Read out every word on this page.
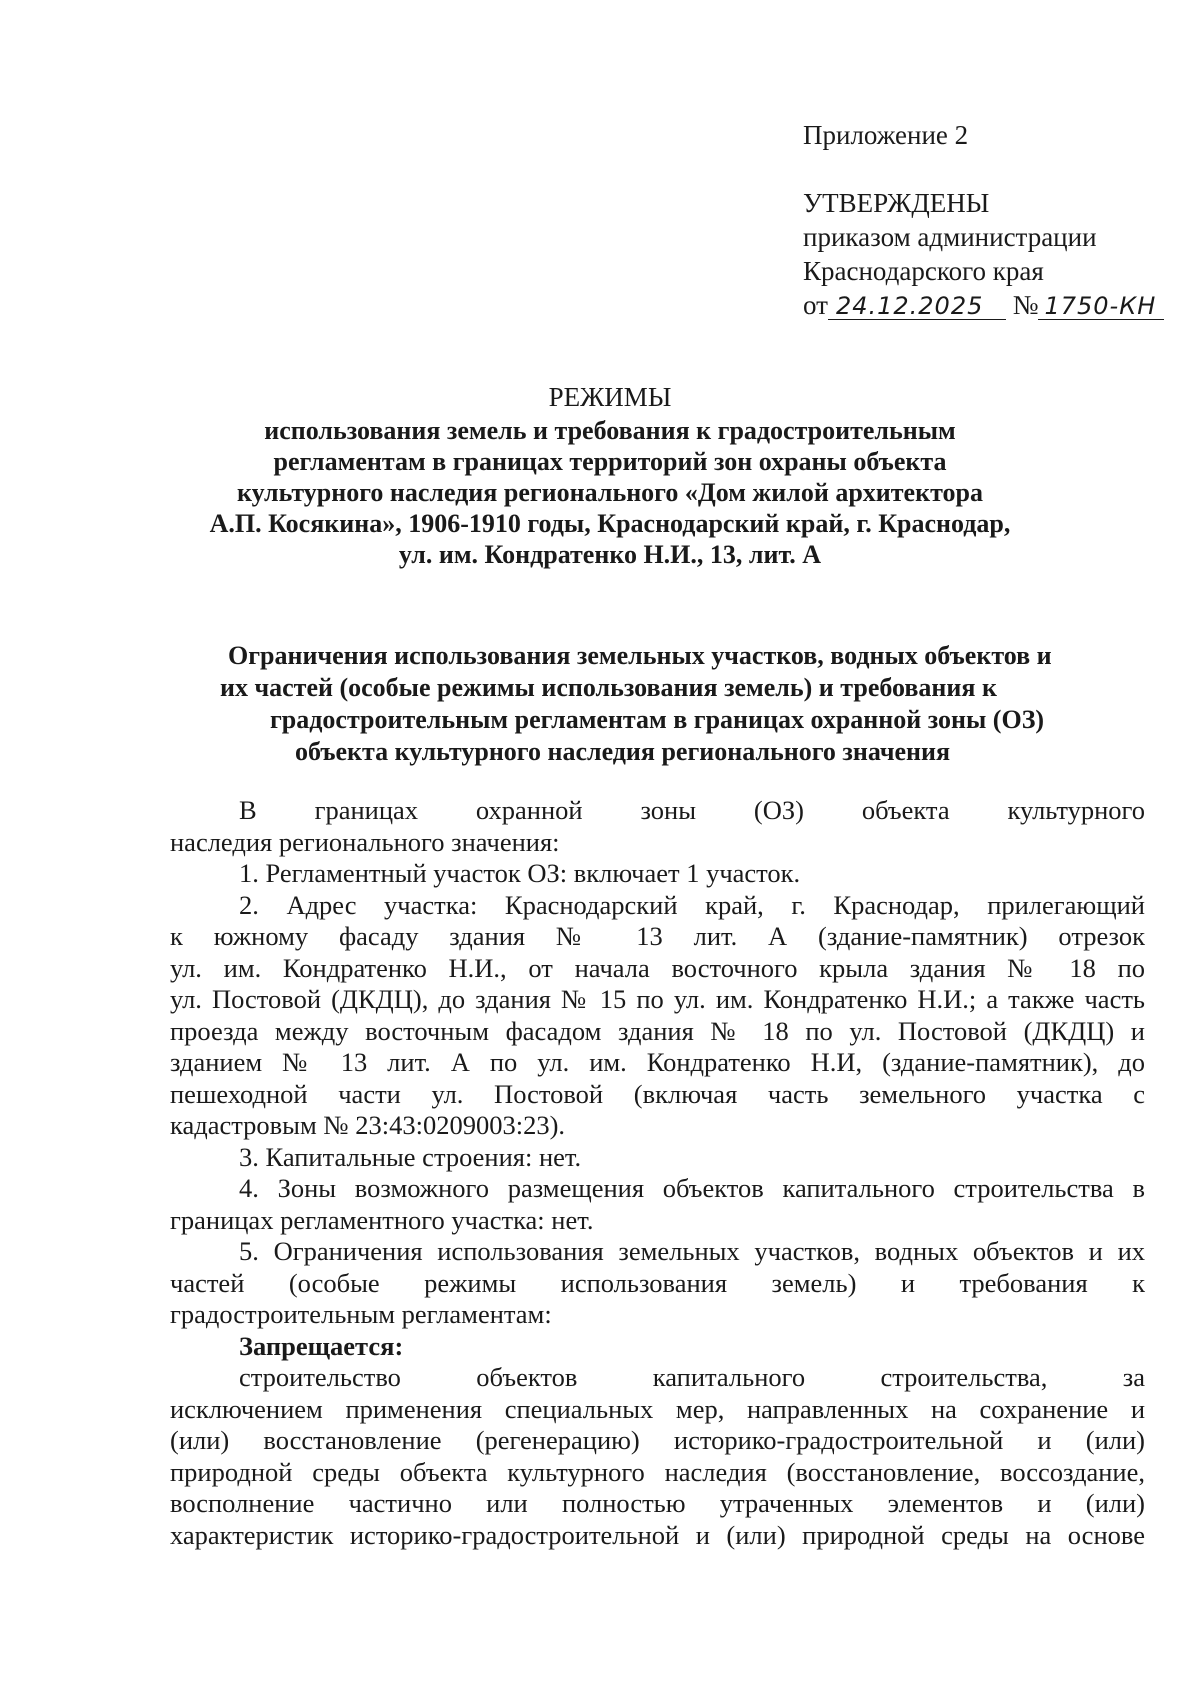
Приложение 2
УТВЕРЖДЕНЫ
приказом администрации
Краснодарского края
от 24.12.2025 № 1750-КН
РЕЖИМЫ
использования земель и требования к градостроительным
регламентам в границах территорий зон охраны объекта
культурного наследия регионального «Дом жилой архитектора
А.П. Косякина», 1906-1910 годы, Краснодарский край, г. Краснодар,
ул. им. Кондратенко Н.И., 13, лит. А
Ограничения использования земельных участков, водных объектов и
их частей (особые режимы использования земель) и требования к
градостроительным регламентам в границах охранной зоны (ОЗ)
объекта культурного наследия регионального значения
В границах охранной зоны (ОЗ) объекта культурного
наследия регионального значения:
1. Регламентный участок ОЗ: включает 1 участок.
2. Адрес участка: Краснодарский край, г. Краснодар, прилегающий
к южному фасаду здания № 13 лит. А (здание-памятник) отрезок
ул. им. Кондратенко Н.И., от начала восточного крыла здания № 18 по
ул. Постовой (ДКДЦ), до здания № 15 по ул. им. Кондратенко Н.И.; а также часть
проезда между восточным фасадом здания № 18 по ул. Постовой (ДКДЦ) и
зданием № 13 лит. А по ул. им. Кондратенко Н.И, (здание-памятник), до
пешеходной части ул. Постовой (включая часть земельного участка с
кадастровым № 23:43:0209003:23).
3. Капитальные строения: нет.
4. Зоны возможного размещения объектов капитального строительства в
границах регламентного участка: нет.
5. Ограничения использования земельных участков, водных объектов и их
частей (особые режимы использования земель) и требования к
градостроительным регламентам:
Запрещается:
строительство объектов капитального строительства, за
исключением применения специальных мер, направленных на сохранение и
(или) восстановление (регенерацию) историко-градостроительной и (или)
природной среды объекта культурного наследия (восстановление, воссоздание,
восполнение частично или полностью утраченных элементов и (или)
характеристик историко-градостроительной и (или) природной среды на основе
